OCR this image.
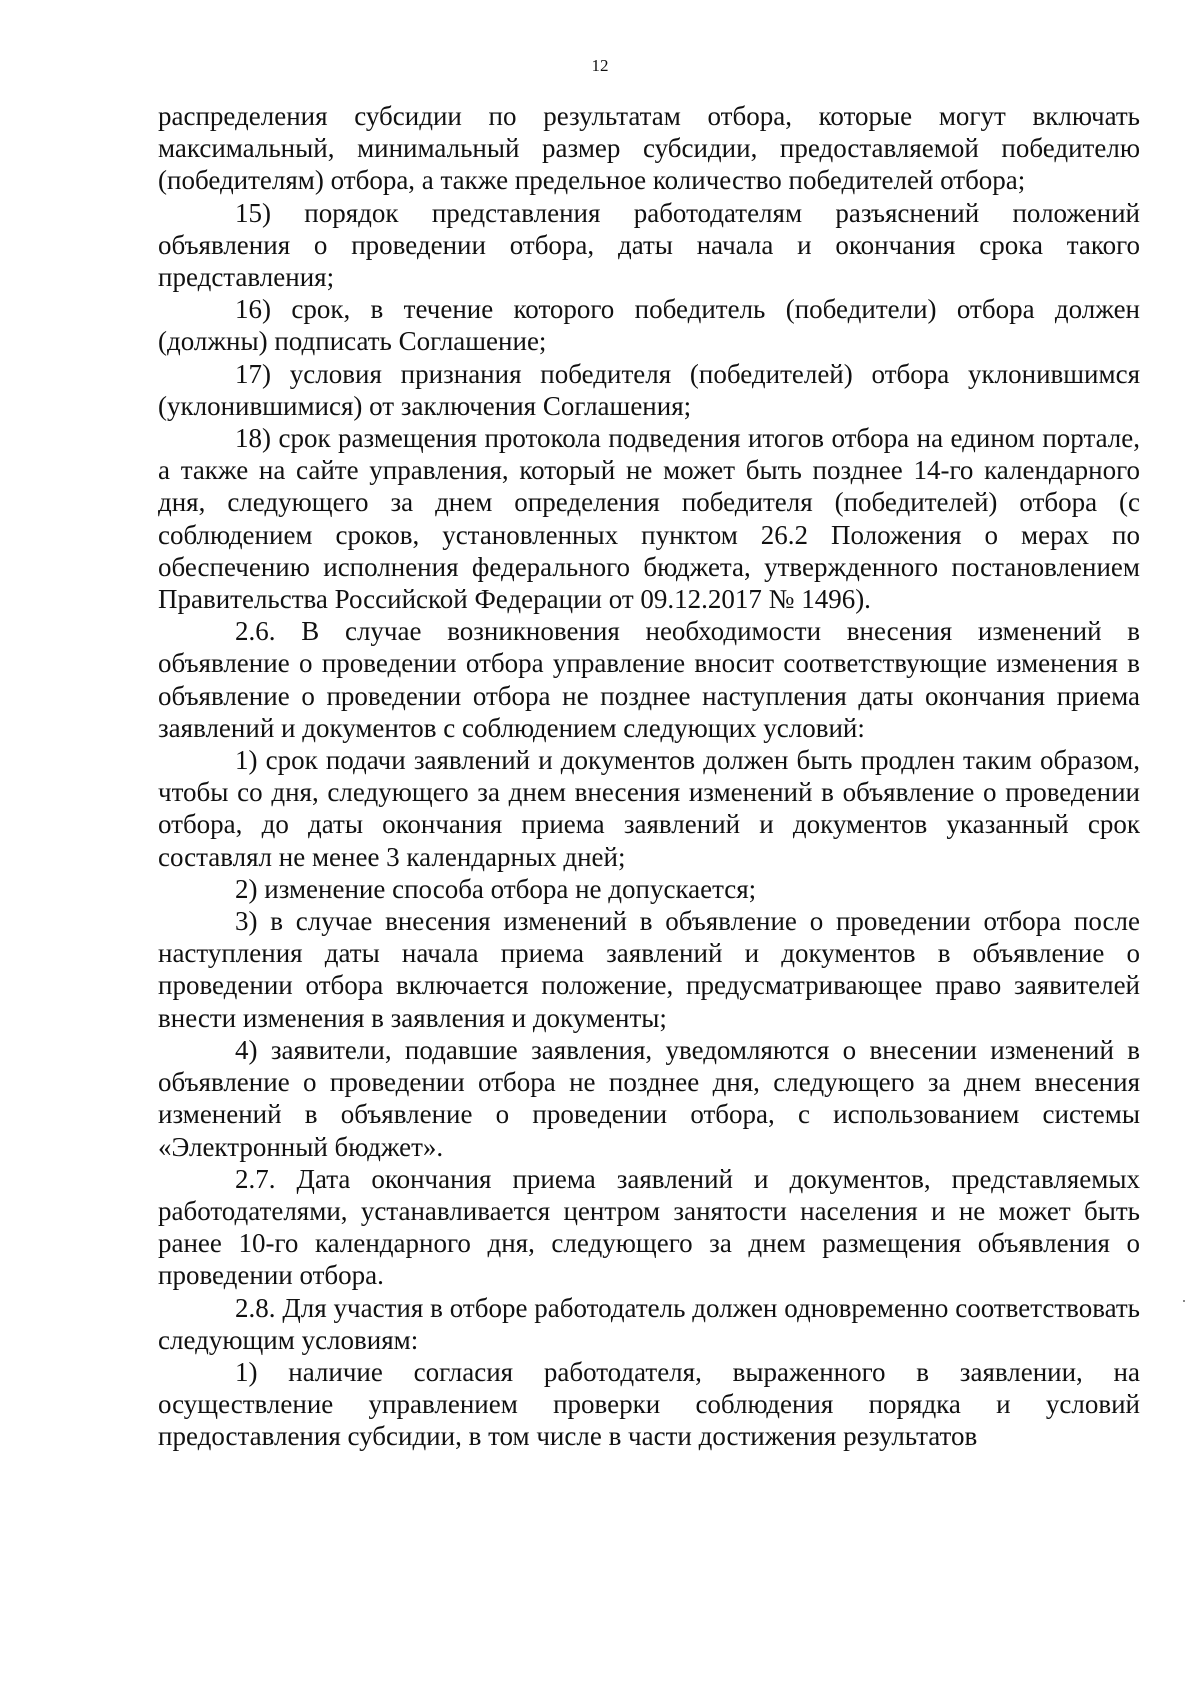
12

распределения субсидии по результатам отбора, которые могут включать максимальный, минимальный размер субсидии, предоставляемой победителю (победителям) отбора, а также предельное количество победителей отбора;

15) порядок представления работодателям разъяснений положений объявления о проведении отбора, даты начала и окончания срока такого представления;

16) срок, в течение которого победитель (победители) отбора должен (должны) подписать Соглашение;

17) условия признания победителя (победителей) отбора уклонившимся (уклонившимися) от заключения Соглашения;

18) срок размещения протокола подведения итогов отбора на едином портале, а также на сайте управления, который не может быть позднее 14-го календарного дня, следующего за днем определения победителя (победителей) отбора (с соблюдением сроков, установленных пунктом 26.2 Положения о мерах по обеспечению исполнения федерального бюджета, утвержденного постановлением Правительства Российской Федерации от 09.12.2017 № 1496).

2.6. В случае возникновения необходимости внесения изменений в объявление о проведении отбора управление вносит соответствующие изменения в объявление о проведении отбора не позднее наступления даты окончания приема заявлений и документов с соблюдением следующих условий:

1) срок подачи заявлений и документов должен быть продлен таким образом, чтобы со дня, следующего за днем внесения изменений в объявление о проведении отбора, до даты окончания приема заявлений и документов указанный срок составлял не менее 3 календарных дней;

2) изменение способа отбора не допускается;

3) в случае внесения изменений в объявление о проведении отбора после наступления даты начала приема заявлений и документов в объявление о проведении отбора включается положение, предусматривающее право заявителей внести изменения в заявления и документы;

4) заявители, подавшие заявления, уведомляются о внесении изменений в объявление о проведении отбора не позднее дня, следующего за днем внесения изменений в объявление о проведении отбора, с использованием системы «Электронный бюджет».

2.7. Дата окончания приема заявлений и документов, представляемых работодателями, устанавливается центром занятости населения и не может быть ранее 10-го календарного дня, следующего за днем размещения объявления о проведении отбора.

2.8. Для участия в отборе работодатель должен одновременно соответствовать следующим условиям:

1) наличие согласия работодателя, выраженного в заявлении, на осуществление управлением проверки соблюдения порядка и условий предоставления субсидии, в том числе в части достижения результатов
